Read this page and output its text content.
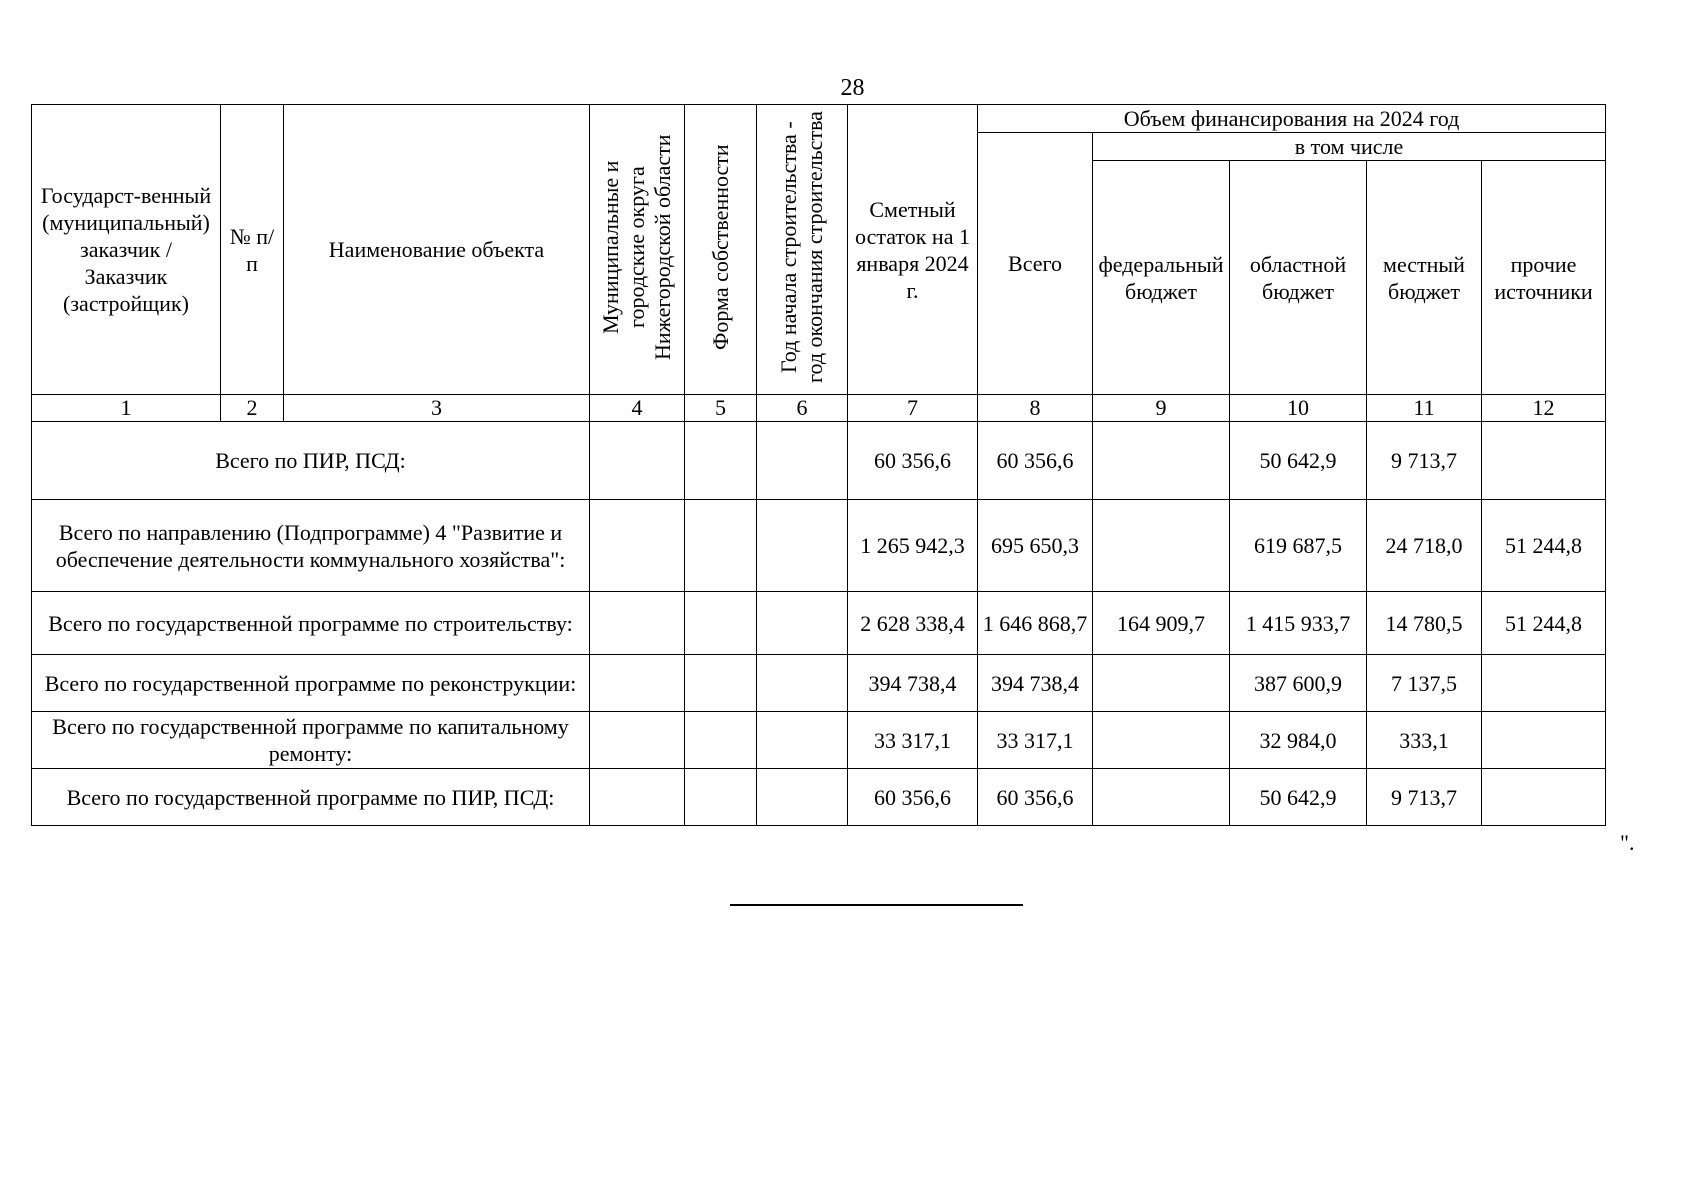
28
Государст-венный (муниципальный) заказчик / Заказчик (застройщик)	№ п/п	Наименование объекта	Муниципальные и городские округа Нижегородской области	Форма собственности	Год начала строительства - год окончания строительства	Сметный остаток на 1 января 2024 г.	Объем финансирования на 2024 год				
							Всего	в том числе			
								федеральный бюджет	областной бюджет	местный бюджет	прочие источники
1	2	3	4	5	6	7	8	9	10	11	12
Всего по ПИР, ПСД:						60 356,6	60 356,6		50 642,9	9 713,7	
Всего по направлению (Подпрограмме) 4 "Развитие и обеспечение деятельности коммунального хозяйства":						1 265 942,3	695 650,3		619 687,5	24 718,0	51 244,8
Всего по государственной программе по строительству:						2 628 338,4	1 646 868,7	164 909,7	1 415 933,7	14 780,5	51 244,8
Всего по государственной программе по реконструкции:						394 738,4	394 738,4		387 600,9	7 137,5	
Всего по государственной программе по капитальному ремонту:						33 317,1	33 317,1		32 984,0	333,1	
Всего по государственной программе по ПИР, ПСД:						60 356,6	60 356,6		50 642,9	9 713,7	
".
